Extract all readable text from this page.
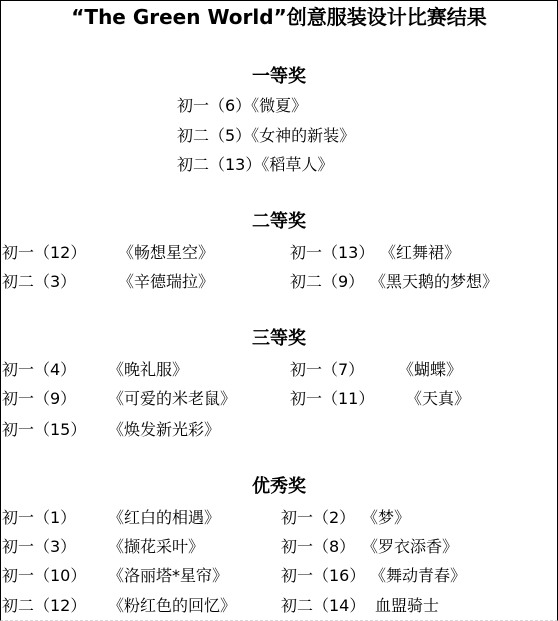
“The Green World”创意服装设计比赛结果
一等奖
初一（6）《微夏》
初二（5）《女神的新装》
初二（13）《稻草人》
二等奖
初一（12） 《畅想星空》	初一（13） 《红舞裙》
初二（3）	《辛德瑞拉》	初二（9） 《黑天鹅的梦想》
三等奖
初一（4） 《晚礼服》	初一（7） 《蝴蝶》
初一（9） 《可爱的米老鼠》	初一（11） 《天真》
初一（15） 《焕发新光彩》
优秀奖
初一（1） 《红白的相遇》	初一（2） 《梦》
初一（3） 《撷花采叶》	初一（8） 《罗衣添香》
初一（10） 《洛丽塔*星帘》	初一（16） 《舞动青春》
初二（12） 《粉红色的回忆》	初二（14） 血盟骑士
